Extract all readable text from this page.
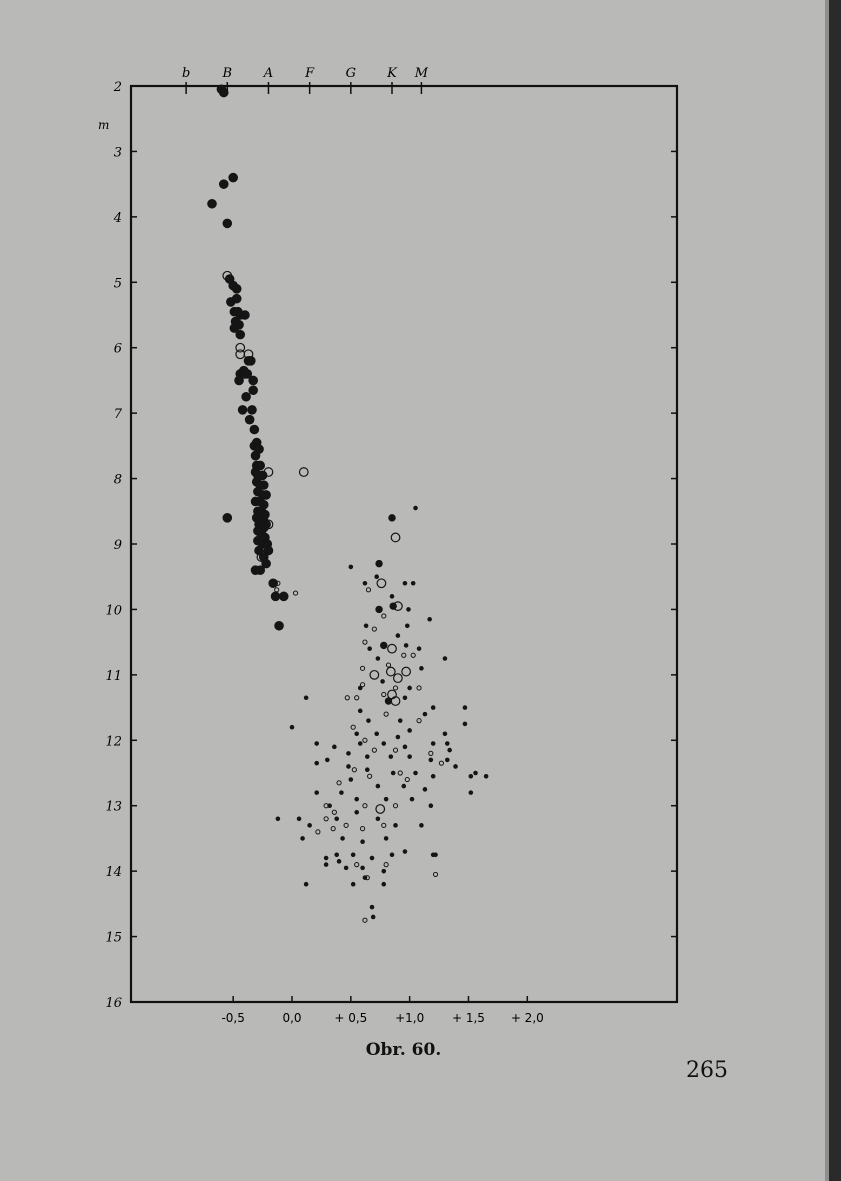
2
3
4
5
6
7
8
9
10
11
12
13
14
15
16
-0,5	0,0	+ 0,5 +1,0 + 1,5 + 2,0
b B A F G K M
m
Obr. 60.
265
